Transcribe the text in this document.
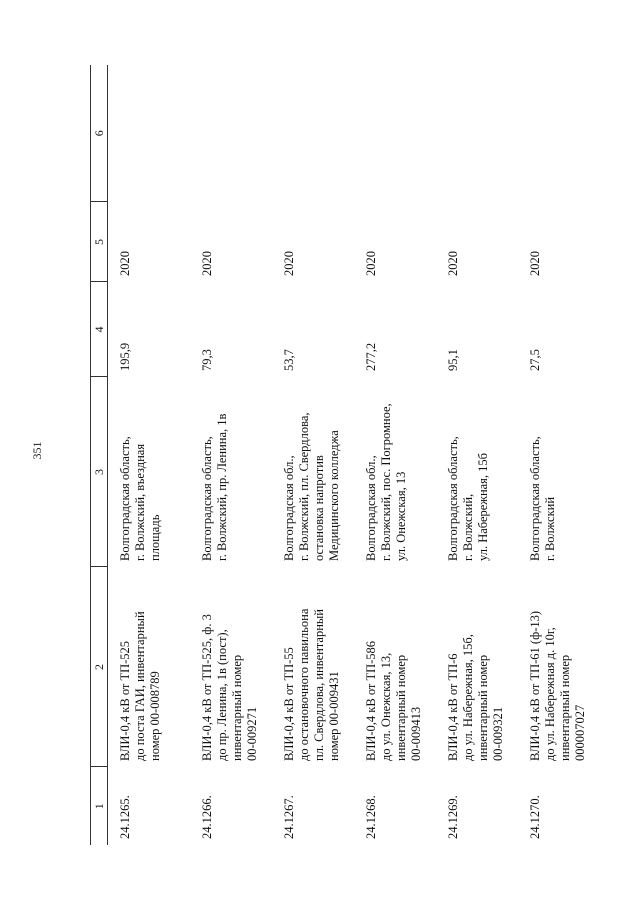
351
1	2	3	4	5	6
24.1265.	ВЛИ-0,4 кВ от ТП-525
до поста ГАИ, инвентарный
номер 00-008789	Волгоградская область,
г. Волжский, въездная
площадь	195,9	2020	
24.1266.	ВЛИ-0,4 кВ от ТП-525, ф. 3
до пр. Ленина, 1в (пост),
инвентарный номер
00-009271	Волгоградская область,
г. Волжский, пр. Ленина, 1в	79,3	2020	
24.1267.	ВЛИ-0,4 кВ от ТП-55
до остановочного павильона
пл. Свердлова, инвентарный
номер 00-009431	Волгоградская обл.,
г. Волжский, пл. Свердлова,
остановка напротив
Медицинского колледжа	53,7	2020	
24.1268.	ВЛИ-0,4 кВ от ТП-586
до ул. Онежская, 13,
инвентарный номер
00-009413	Волгоградская обл.,
г. Волжский, пос. Погромное,
ул. Онежская, 13	277,2	2020	
24.1269.	ВЛИ-0,4 кВ от ТП-6
до ул. Набережная, 15б,
инвентарный номер
00-009321	Волгоградская область,
г. Волжский,
ул. Набережная, 15б	95,1	2020	
24.1270.	ВЛИ-0,4 кВ от ТП-61 (ф-13)
до ул. Набережная д. 10г,
инвентарный номер
000007027	Волгоградская область,
г. Волжский	27,5	2020	
